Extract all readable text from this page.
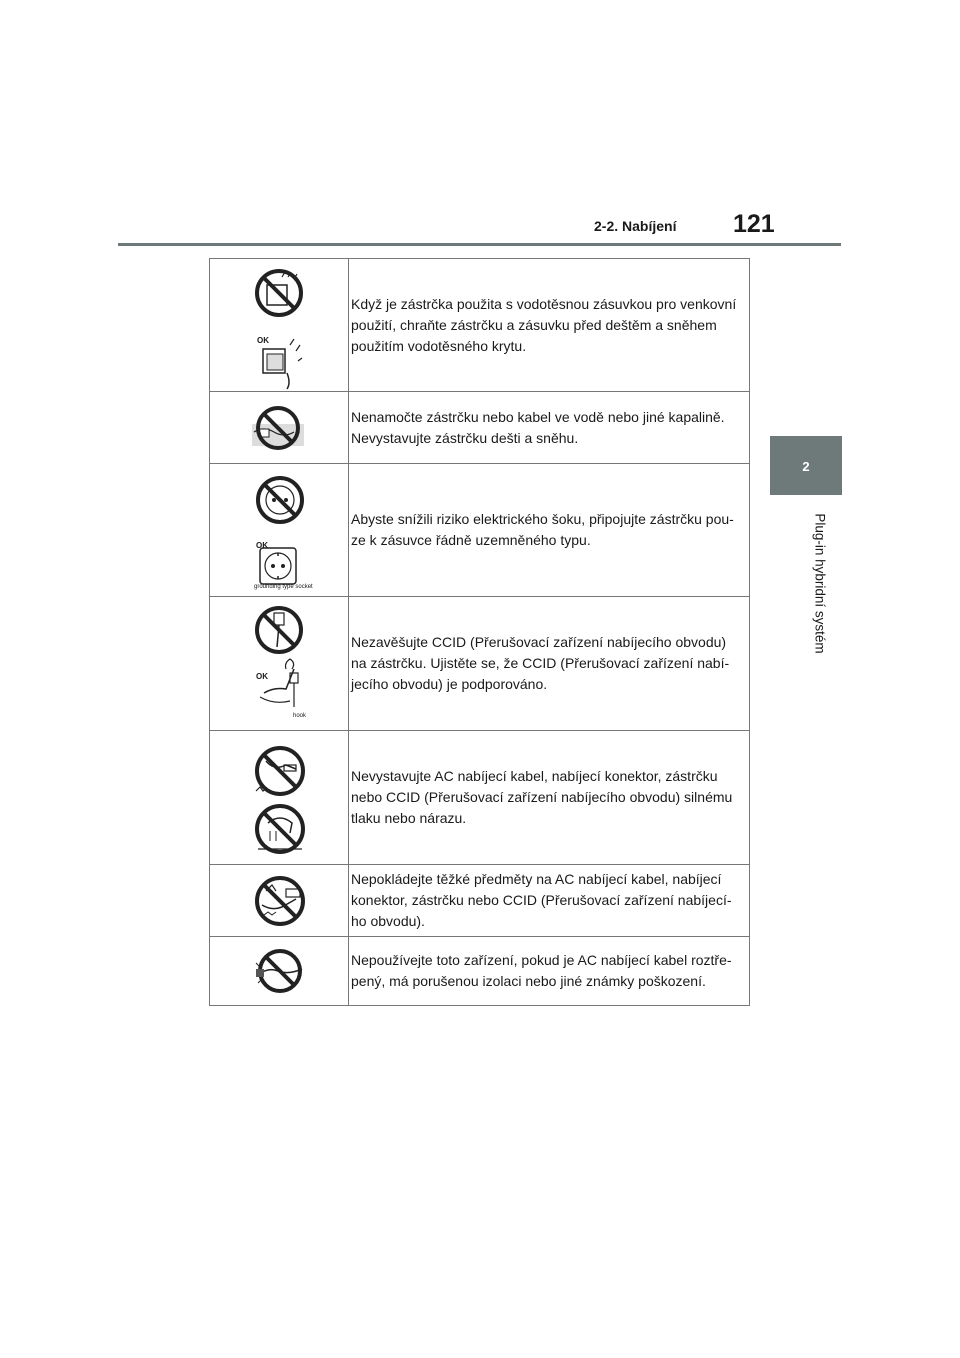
2-2. Nabíjení 121
2
Plug-in hybridní systém
OK
Když je zástrčka použita s vodotěsnou zásuvkou pro venkovní použití, chraňte zástrčku a zásuvku před deštěm a sněhem použitím vodotěsného krytu.
Nenamočte zástrčku nebo kabel ve vodě nebo jiné kapalině. Nevystavujte zástrčku dešti a sněhu.
OK
grounding type socket
Abyste snížili riziko elektrického šoku, připojujte zástrčku pou-ze k zásuvce řádně uzemněného typu.
OK
hook
Nezavěšujte CCID (Přerušovací zařízení nabíjecího obvodu) na zástrčku. Ujistěte se, že CCID (Přerušovací zařízení nabí-jecího obvodu) je podporováno.
Nevystavujte AC nabíjecí kabel, nabíjecí konektor, zástrčku nebo CCID (Přerušovací zařízení nabíjecího obvodu) silnému tlaku nebo nárazu.
Nepokládejte těžké předměty na AC nabíjecí kabel, nabíjecí konektor, zástrčku nebo CCID (Přerušovací zařízení nabíjecí-ho obvodu).
Nepoužívejte toto zařízení, pokud je AC nabíjecí kabel roztře-pený, má porušenou izolaci nebo jiné známky poškození.
